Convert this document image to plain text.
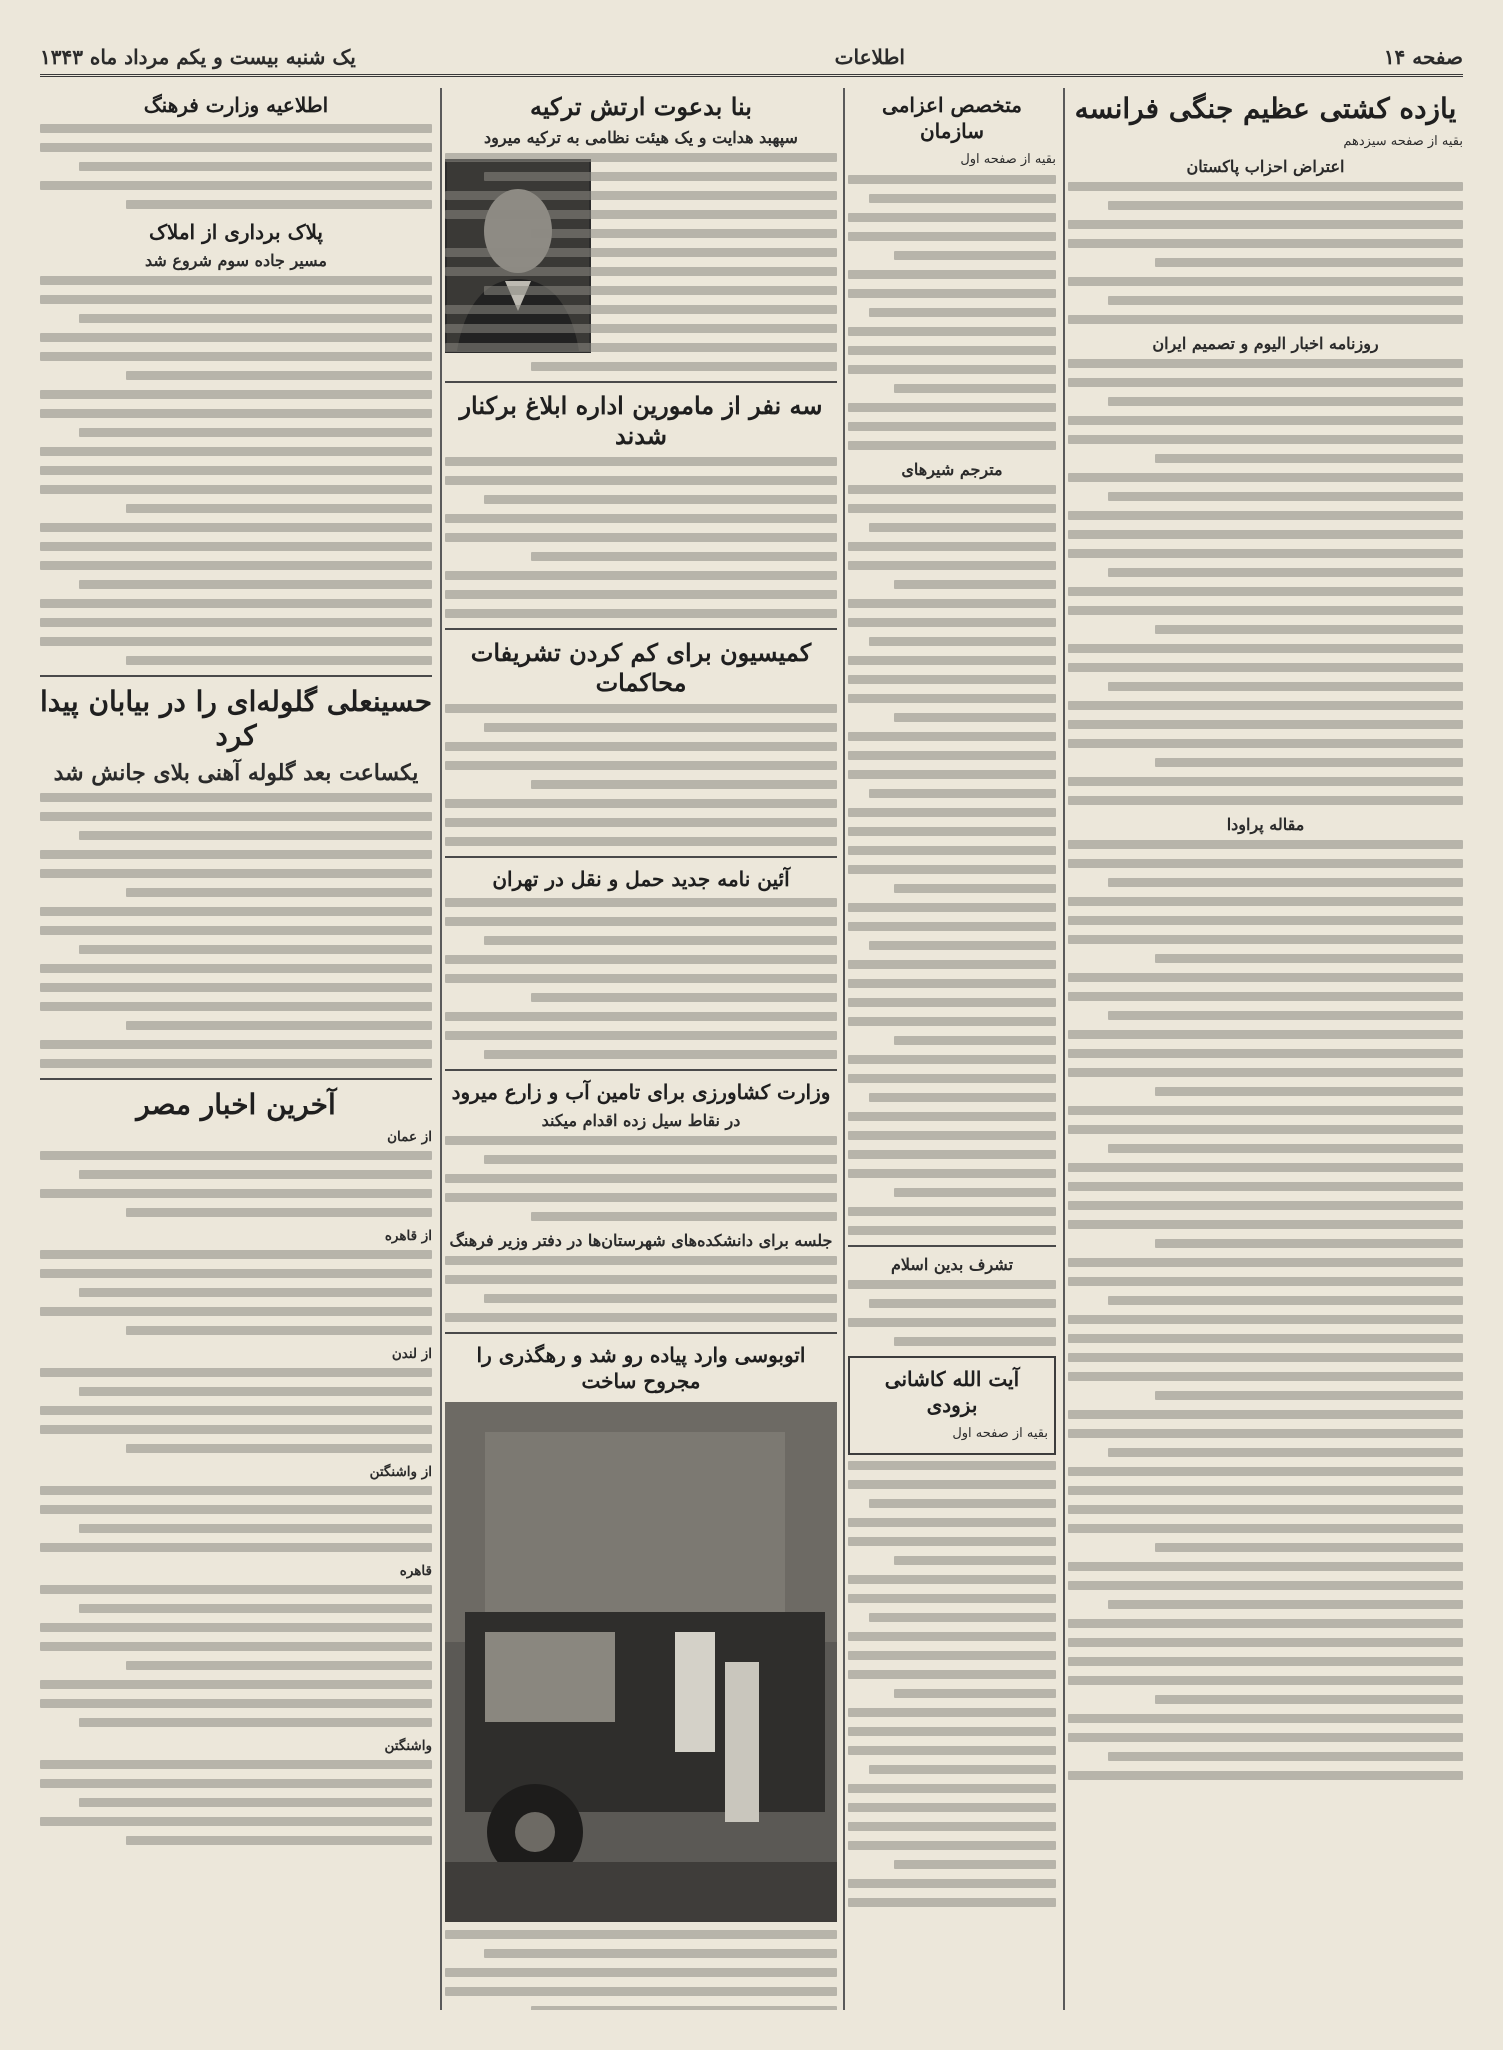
صفحه ۱۴
اطلاعات
یک شنبه بیست و یکم مرداد ماه ۱۳۴۳
یازده کشتی عظیم جنگی فرانسه
بقیه از صفحه سیزدهم
اعتراض احزاب پاکستان
روزنامه اخبار الیوم و تصمیم ایران
مقاله پراودا
متخصص اعزامی سازمان
بقیه از صفحه اول
مترجم شیرهای
تشرف بدین اسلام
آیت الله کاشانی بزودی
بقیه از صفحه اول
بنا بدعوت ارتش ترکیه
سپهبد هدایت و یک هیئت نظامی به ترکیه میرود
سه نفر از مامورین اداره ابلاغ برکنار شدند
کمیسیون برای کم کردن تشریفات محاکمات
آئین نامه جدید حمل و نقل در تهران
وزارت کشاورزی برای تامین آب و زارع میرود
در نقاط سیل زده اقدام میکند
جلسه برای دانشکده‌های شهرستان‌ها در دفتر وزیر فرهنگ
اتوبوسی وارد پیاده رو شد و رهگذری را مجروح ساخت
اطلاعیه وزارت فرهنگ
پلاک برداری از املاک
مسیر جاده سوم شروع شد
حسینعلی گلوله‌ای را در بیابان پیدا کرد
یکساعت بعد گلوله آهنی بلای جانش شد
آخرین اخبار مصر
از عمان
از قاهره
از لندن
از واشنگتن
قاهره
واشنگتن
